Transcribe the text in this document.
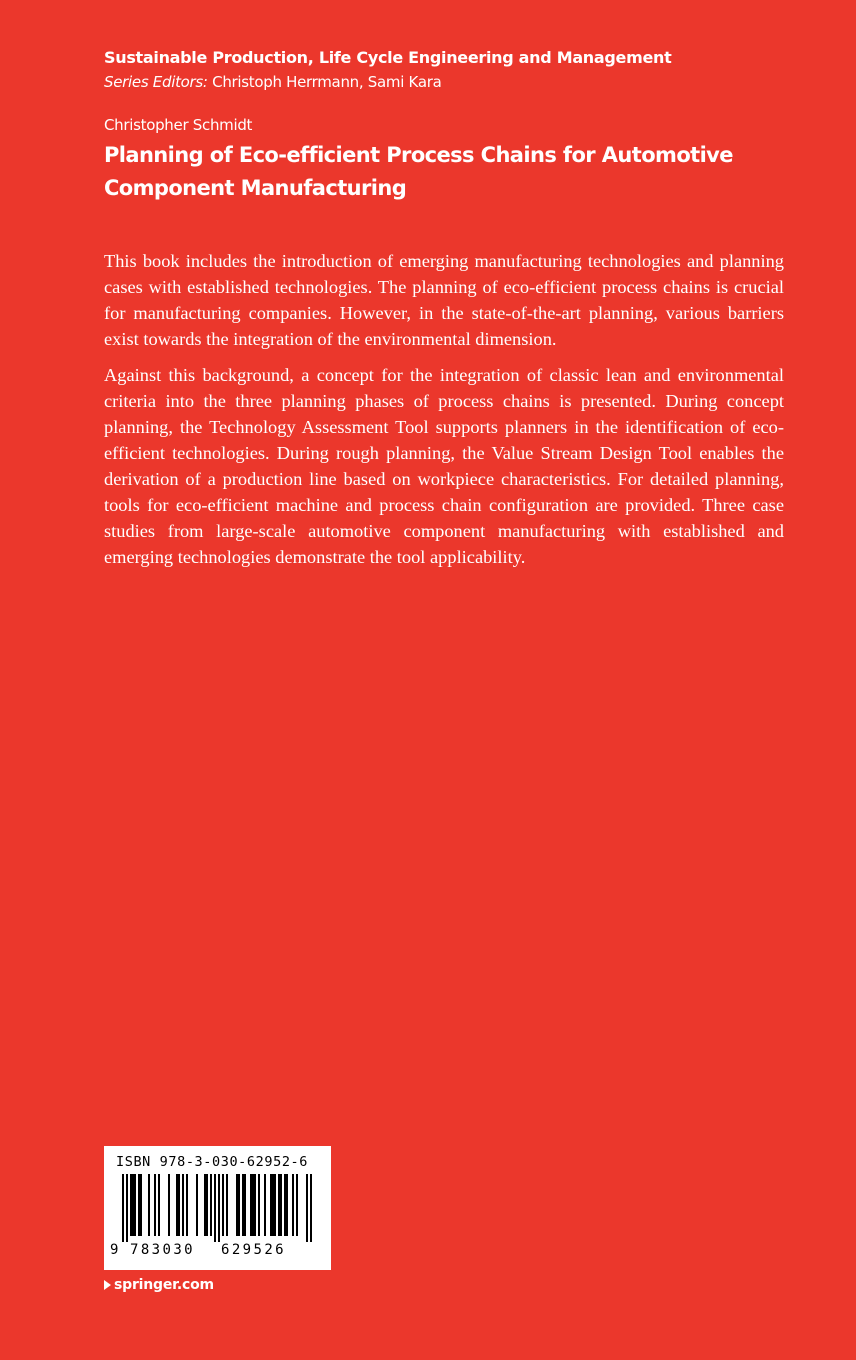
Sustainable Production, Life Cycle Engineering and Management
Series Editors: Christoph Herrmann, Sami Kara
Christopher Schmidt
Planning of Eco-efficient Process Chains for Automotive Component Manufacturing

This book includes the introduction of emerging manufacturing technologies and planning cases with established technologies. The planning of eco-efficient process chains is crucial for manufacturing companies. However, in the state-of-the-art planning, various barriers exist towards the integration of the environmental dimension.

Against this background, a concept for the integration of classic lean and environmental criteria into the three planning phases of process chains is presented. During concept planning, the Technology Assessment Tool supports planners in the identification of eco-efficient technologies. During rough planning, the Value Stream Design Tool enables the derivation of a production line based on workpiece characteristics. For detailed planning, tools for eco-efficient machine and process chain configuration are provided. Three case studies from large-scale automotive component manufacturing with established and emerging technologies demonstrate the tool applicability.

ISBN 978-3-030-62952-6
9 783030 629526
springer.com
